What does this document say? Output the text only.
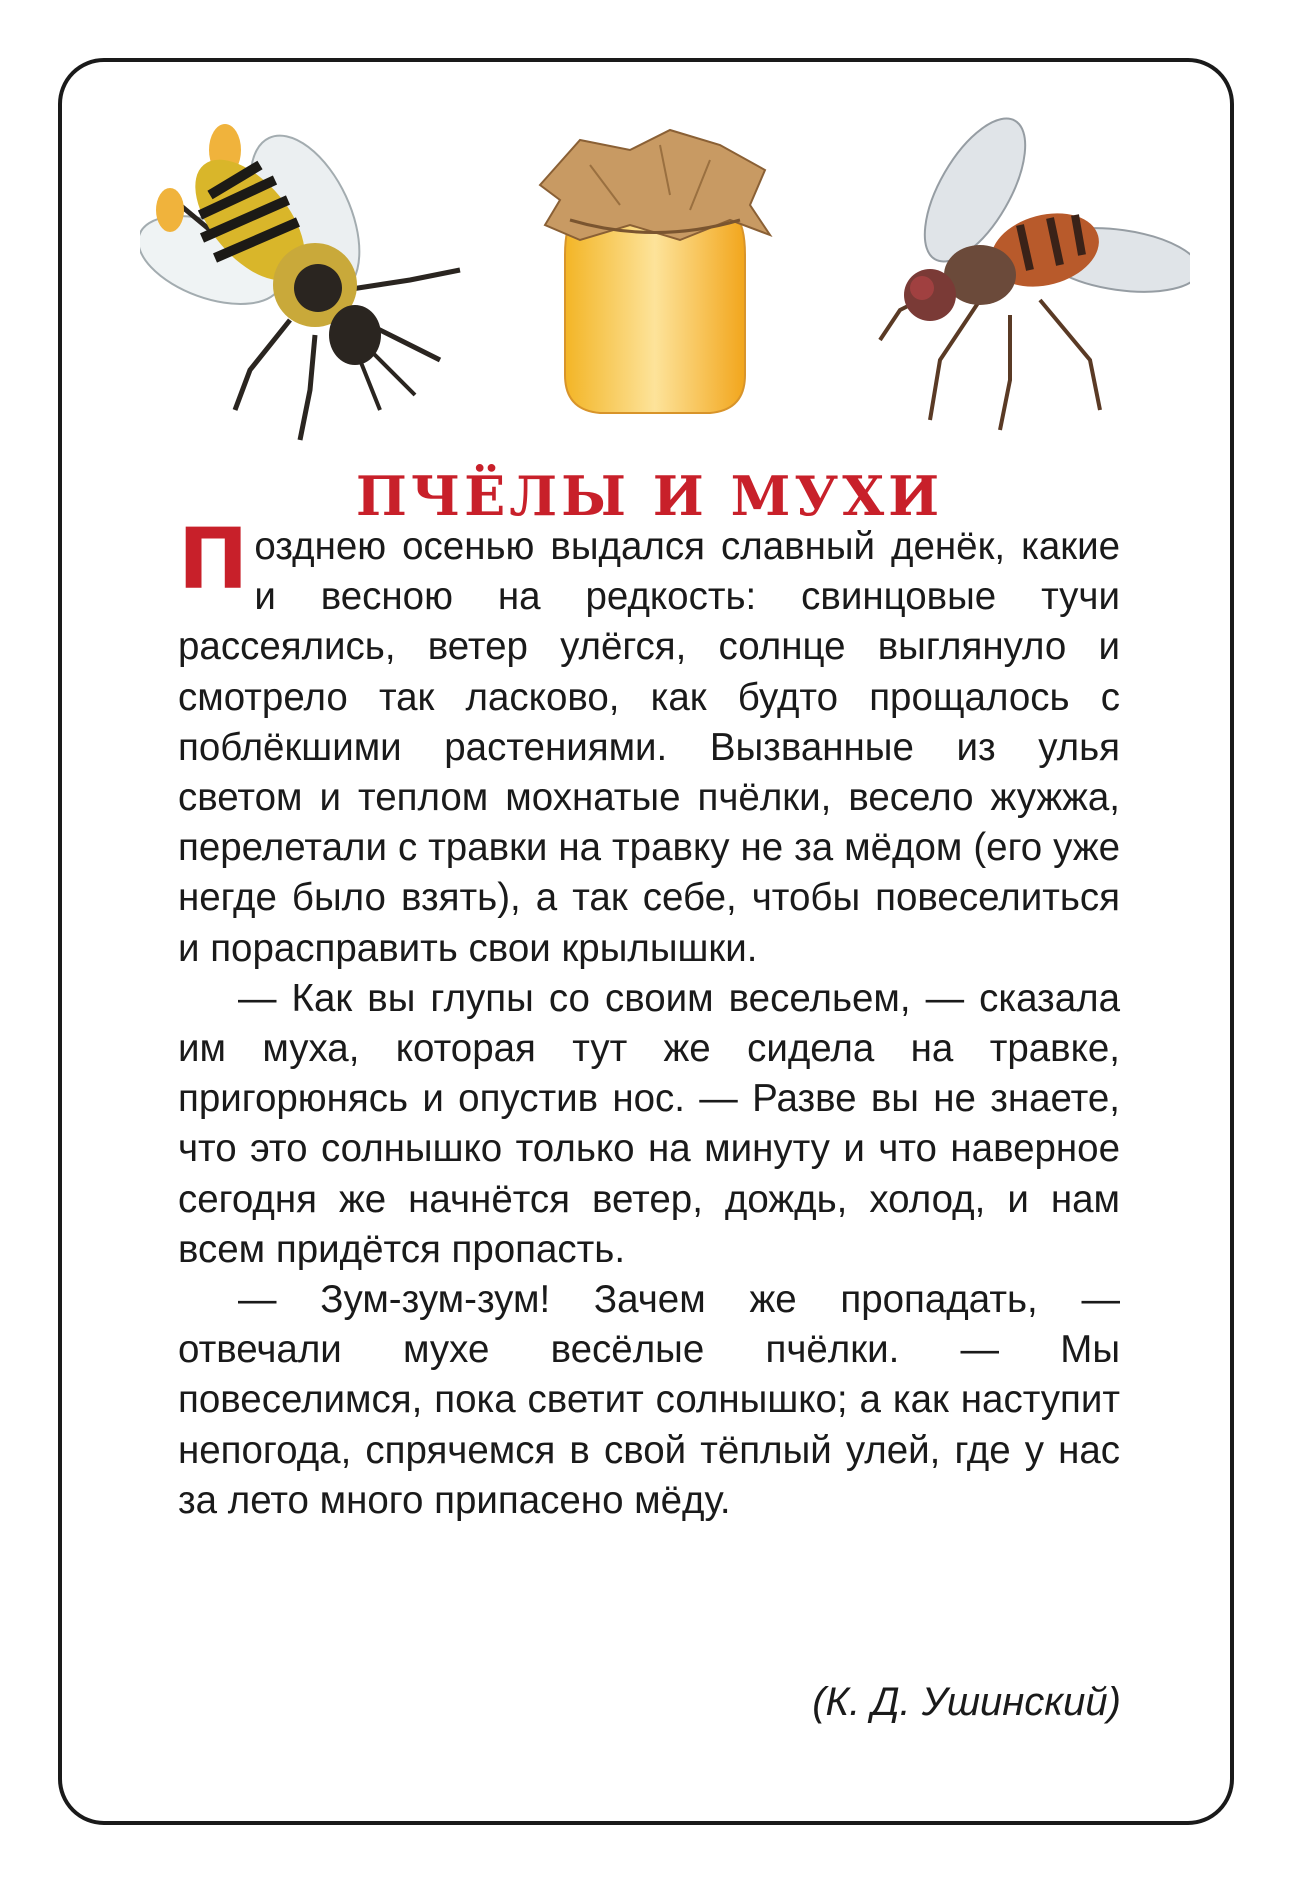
ПЧЁЛЫ И МУХИ

Позднею осенью выдался славный денёк, какие и весною на редкость: свинцовые тучи рассеялись, ветер улёгся, солнце выглянуло и смотрело так ласково, как будто прощалось с поблёкшими растениями. Вызванные из улья светом и теплом мохнатые пчёлки, весело жужжа, перелетали с травки на травку не за мёдом (его уже негде было взять), а так себе, чтобы повеселиться и порасправить свои крылышки.

— Как вы глупы со своим весельем, — сказала им муха, которая тут же сидела на травке, пригорюнясь и опустив нос. — Разве вы не знаете, что это солнышко только на минуту и что наверное сегодня же начнётся ветер, дождь, холод, и нам всем придётся пропасть.

— Зум-зум-зум! Зачем же пропадать, — отвечали мухе весёлые пчёлки. — Мы повеселимся, пока светит солнышко; а как наступит непогода, спрячемся в свой тёплый улей, где у нас за лето много припасено мёду.

(К. Д. Ушинский)
